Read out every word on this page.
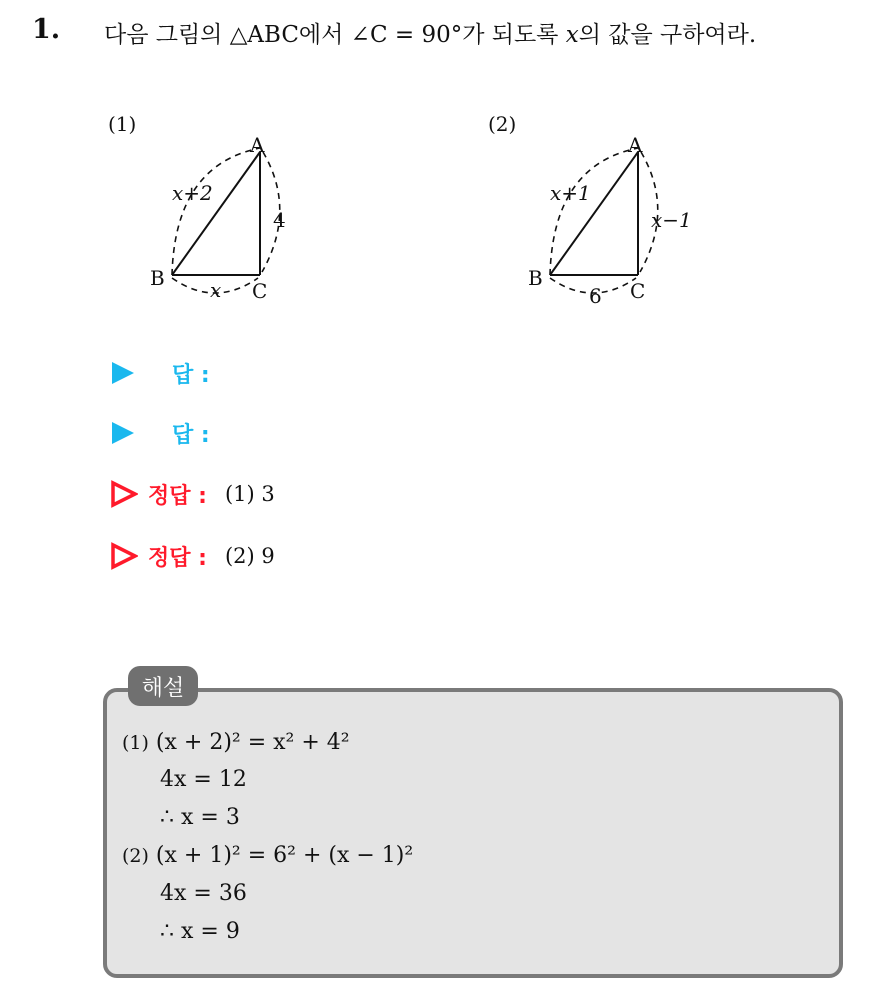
1. 다음 그림의 △ABC에서 ∠C = 90°가 되도록 x의 값을 구하여라.
(1)
A
B
C
x+2
4
x
(2)
A
B
C
x+1
x−1
6
답 :
답 :
정답 : (1) 3
정답 : (2) 9
해설
(1) (x + 2)² = x² + 4²
4x = 12
∴ x = 3
(2) (x + 1)² = 6² + (x − 1)²
4x = 36
∴ x = 9
